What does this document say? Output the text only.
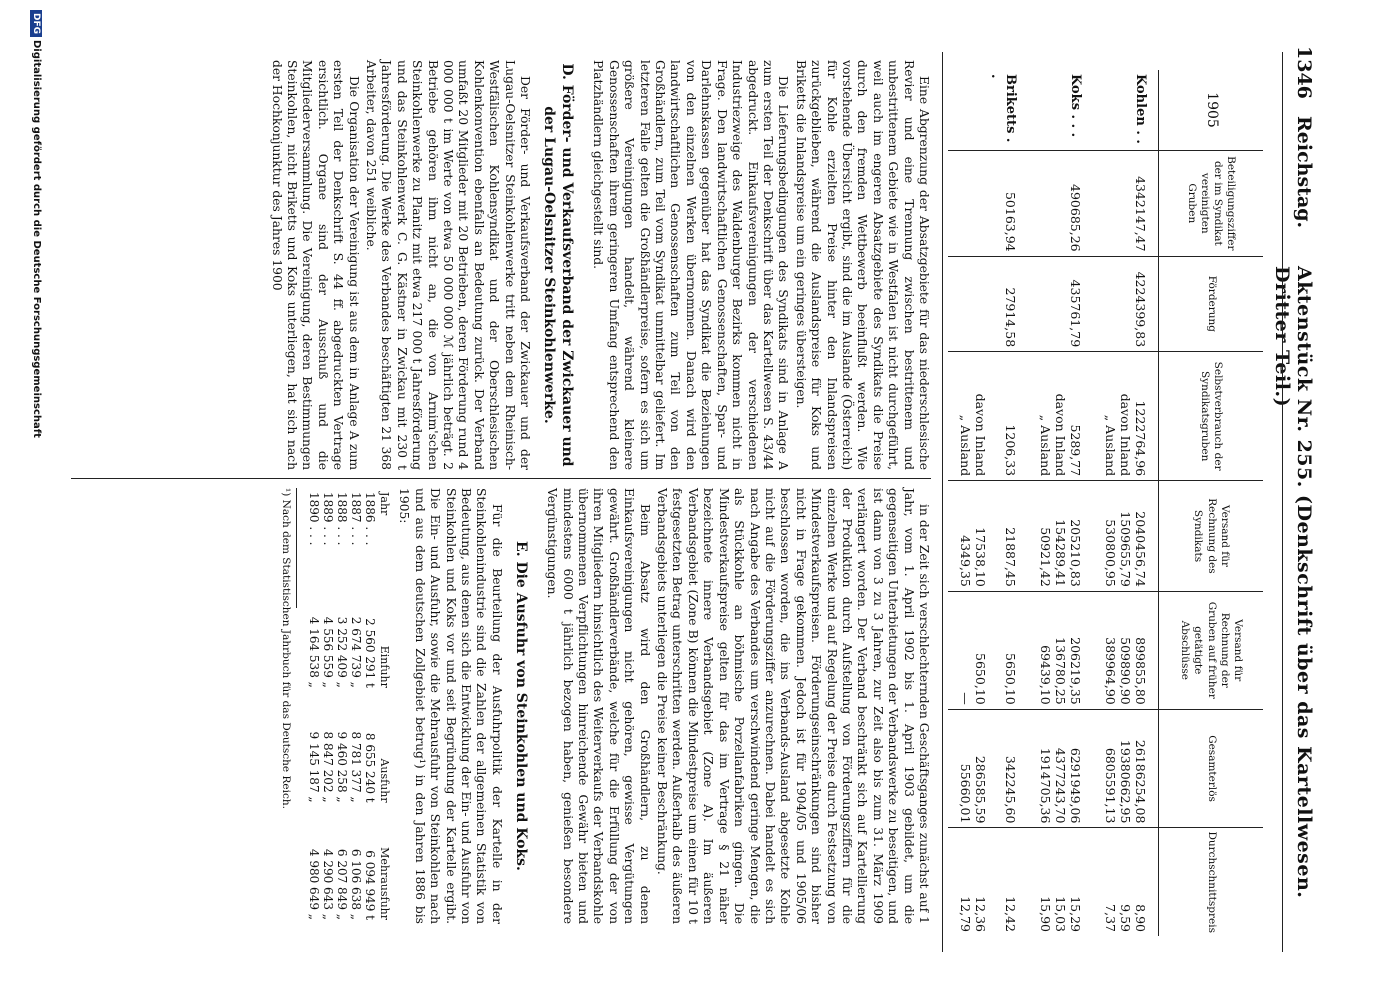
1346
Reichstag.
Aktenstück Nr. 255. (Denkschrift über das Kartellwesen. Dritter Teil.)
1905	Beteiligungsziffer der im Syndikat vereinigten Gruben	Förderung	Selbstverbrauch der Syndikatsgruben	Versand für Rechnung des Syndikats	Versand für Rechnung der Gruben auf früher getätigte Abschlüsse	Gesamterlös	Durchschnittspreis
Kohlen . .	4342147,47	4224399,83	1222764,96	2040456,74	899855,80	26186254,08	8,90
			davon Inland	1509655,79	509890,90	19380662,95	9,59
			„ Ausland	530800,95	389964,90	6805591,13	7,37
Koks . . .	490685,26	435761,79	5289,77	205210,83	206219,35	6291949,06	15,29
			davon Inland	154289,41	136780,25	4377243,70	15,03
			„ Ausland	50921,42	69439,10	1914705,36	15,90
Briketts . .	50163,94	27914,58	1206,33	21887,45	5650,10	342245,60	12,42
			davon Inland	17538,10	5650,10	286585,59	12,36
			„ Ausland	4349,35	—	55660,01	12,79

Eine Abgrenzung der Absatzgebiete für das niederschlesische Revier und eine Trennung zwischen bestrittenem und unbestrittenem Gebiete wie in Westfalen ist nicht durchgeführt, weil auch im engeren Absatzgebiete des Syndikats die Preise durch den fremden Wettbewerb beeinflußt werden. Wie vorstehende Übersicht ergibt, sind die im Auslande (Österreich) für Kohle erzielten Preise hinter den Inlandspreisen zurückgeblieben, während die Auslandspreise für Koks und Briketts die Inlandspreise um ein geringes übersteigen.

Die Lieferungsbedingungen des Syndikats sind in Anlage A zum ersten Teil der Denkschrift über das Kartellwesen S. 43/44 abgedruckt. Einkaufsvereinigungen der verschiedenen Industriezweige des Waldenburger Bezirks kommen nicht in Frage. Den landwirtschaftlichen Genossenschaften, Spar- und Darlehnskassen gegenüber hat das Syndikat die Beziehungen von den einzelnen Werken übernommen. Danach wird den landwirtschaftlichen Genossenschaften zum Teil von den Großhändlern, zum Teil vom Syndikat unmittelbar geliefert. Im letzteren Falle gelten die Großhändlerpreise, sofern es sich um größere Vereinigungen handelt, während kleinere Genossenschaften ihrem geringeren Umfang entsprechend den Platzhändlern gleichgestellt sind.

D. Förder- und Verkaufsverband der Zwickauer und der Lugau-Oelsnitzer Steinkohlenwerke.

Der Förder- und Verkaufsverband der Zwickauer und der Lugau-Oelsnitzer Steinkohlenwerke tritt neben dem Rheinisch-Westfälischen Kohlensyndikat und der Oberschlesischen Kohlenkonvention ebenfalls an Bedeutung zurück. Der Verband umfaßt 20 Mitglieder mit 20 Betrieben, deren Förderung rund 4 000 000 t im Werte von etwa 50 000 000 ℳ jährlich beträgt. 2 Betriebe gehören ihm nicht an, die von Arnim'schen Steinkohlenwerke zu Planitz mit etwa 217 000 t Jahresförderung und das Steinkohlenwerk C. G. Kästner in Zwickau mit 230 t Jahresförderung. Die Werke des Verbandes beschäftigten 21 368 Arbeiter, davon 251 weibliche.

Die Organisation der Vereinigung ist aus dem in Anlage A zum ersten Teil der Denkschrift S. 44 ff. abgedruckten Vertrage ersichtlich. Organe sind der Ausschuß und die Mitgliederversammlung. Die Vereinigung, deren Bestimmungen Steinkohlen, nicht Briketts und Koks unterliegen, hat sich nach der Hochkonjunktur des Jahres 1900

in der Zeit sich verschlechternden Geschäftsganges zunächst auf 1 Jahr, vom 1. April 1902 bis 1. April 1903 gebildet, um die gegenseitigen Unterbietungen der Verbandswerke zu beseitigen, und ist dann von 3 zu 3 Jahren, zur Zeit also bis zum 31. März 1909 verlängert worden. Der Verband beschränkt sich auf Kartellierung der Produktion durch Aufstellung von Förderungsziffern für die einzelnen Werke und auf Regelung der Preise durch Festsetzung von Mindestverkaufspreisen. Förderungseinschränkungen sind bisher nicht in Frage gekommen. Jedoch ist für 1904/05 und 1905/06 beschlossen worden, die ins Verbands-Ausland abgesetzte Kohle nicht auf die Förderungsziffer anzurechnen. Dabei handelt es sich nach Angabe des Verbandes um verschwindend geringe Mengen, die als Stückkohle an böhmische Porzellanfabriken gingen. Die Mindestverkaufspreise gelten für das im Vertrage § 21 näher bezeichnete innere Verbandsgebiet (Zone A). Im äußeren Verbandsgebiet (Zone B) können die Mindestpreise um einen für 10 t festgesetzten Betrag unterschritten werden. Außerhalb des äußeren Verbandsgebiets unterliegen die Preise keiner Beschränkung.

Beim Absatz wird den Großhändlern, zu denen Einkaufsvereinigungen nicht gehören, gewisse Vergütungen gewährt. Großhändlerverbände, welche für die Erfüllung der von ihren Mitgliedern hinsichtlich des Weiterverkaufs der Verbandskohle übernommenen Verpflichtungen hinreichende Gewähr bieten und mindestens 6000 t jährlich bezogen haben, genießen besondere Vergünstigungen.

E. Die Ausfuhr von Steinkohlen und Koks.

Für die Beurteilung der Ausfuhrpolitik der Kartelle in der Steinkohlenindustrie sind die Zahlen der allgemeinen Statistik von Bedeutung, aus denen sich die Entwicklung der Ein- und Ausfuhr von Steinkohlen und Koks vor und seit Begründung der Kartelle ergibt. Die Ein- und Ausfuhr, sowie die Mehrausfuhr von Steinkohlen nach und aus dem deutschen Zollgebiet betrug¹) in den Jahren 1886 bis 1905:

Jahr	Einfuhr	Ausfuhr	Mehrausfuhr
1886 . . .	2 560 291 t	8 655 240 t	6 094 949 t
1887 . . .	2 674 739 „	8 781 377 „	6 106 638 „
1888 . . .	3 252 409 „	9 460 258 „	6 207 849 „
1889 . . .	4 556 559 „	8 847 202 „	4 290 643 „
1890 . . .	4 164 538 „	9 145 187 „	4 980 649 „
¹) Nach dem Statistischen Jahrbuch für das Deutsche Reich.
DFG
Digitalisierung gefördert durch die Deutsche Forschungsgemeinschaft
